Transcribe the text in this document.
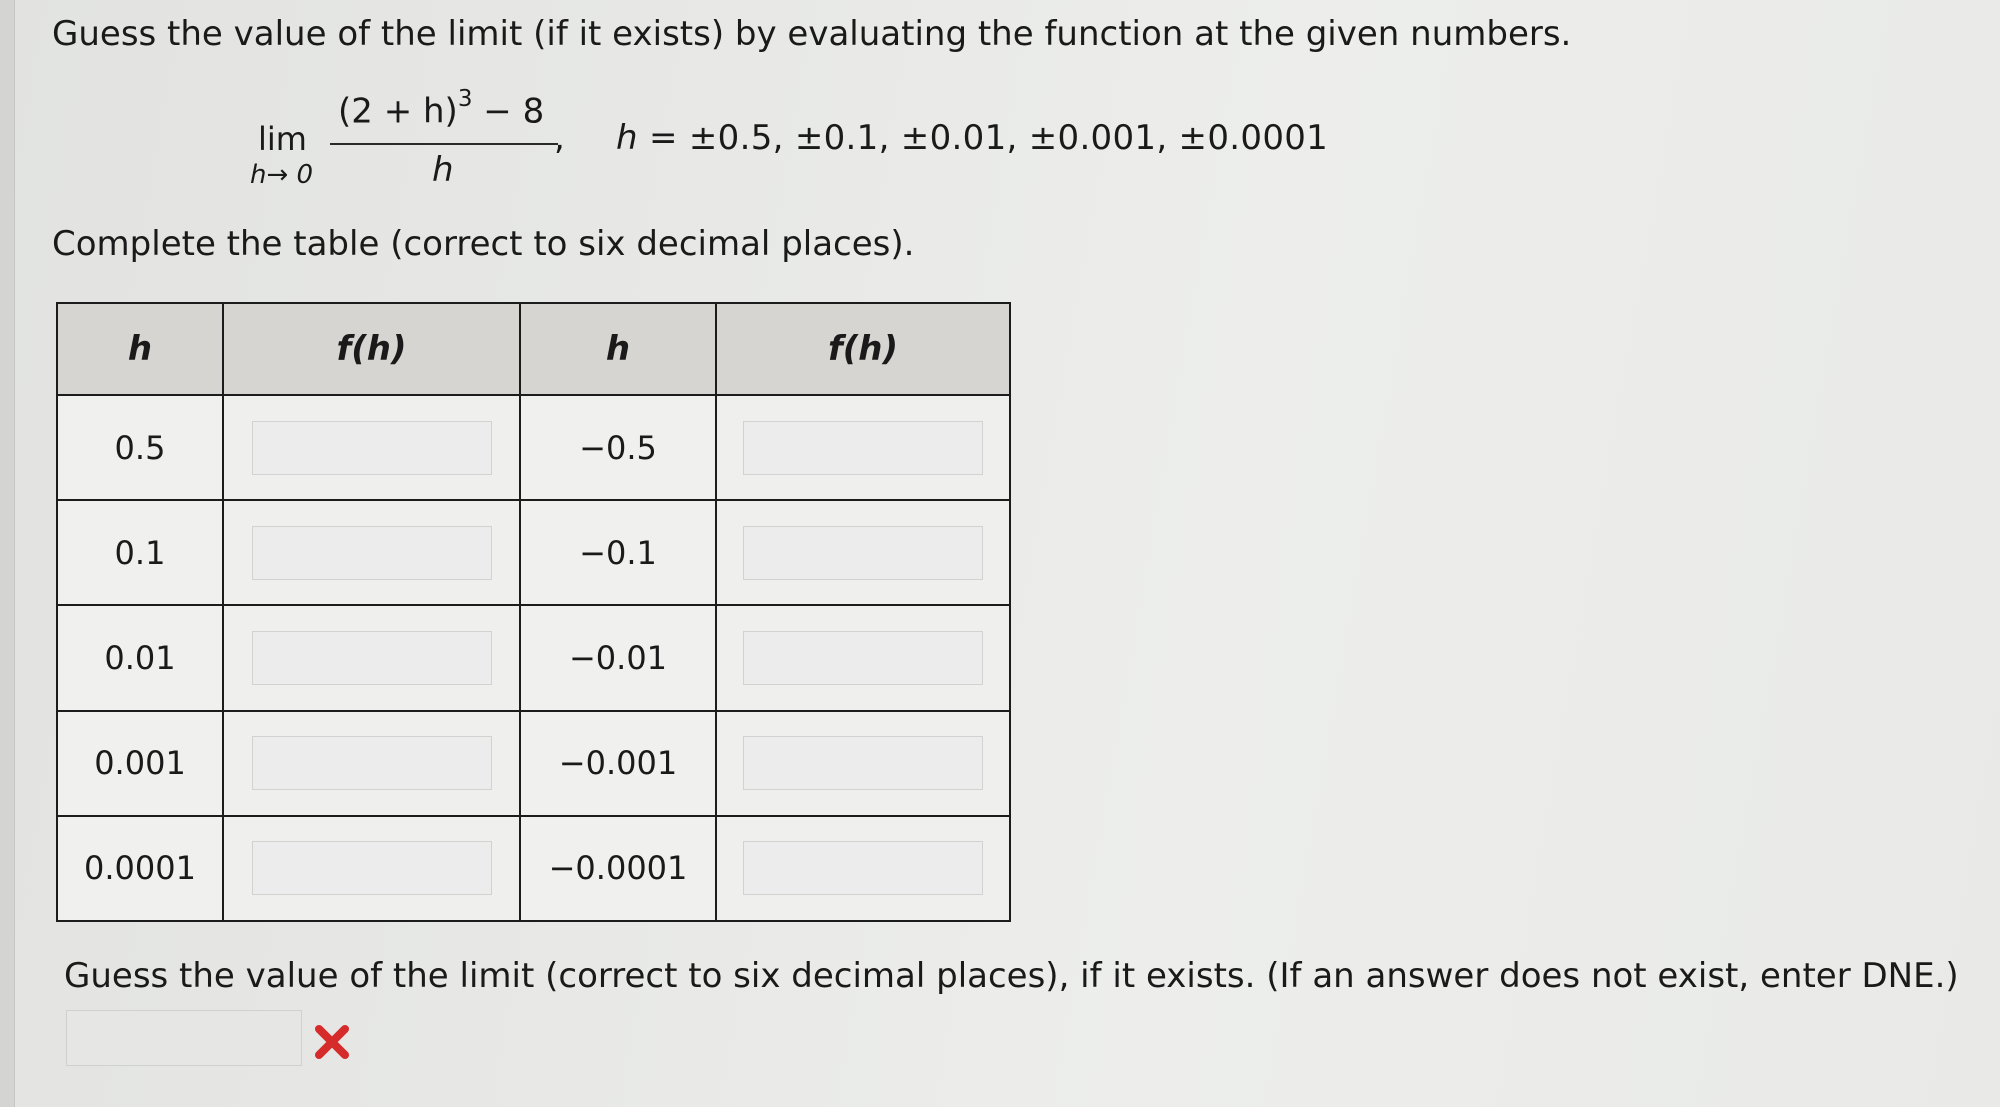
Guess the value of the limit (if it exists) by evaluating the function at the given numbers.
lim
h→ 0
$(2 + h)^3 - 8$
h
, h = ±0.5, ±0.1, ±0.01, ±0.001, ±0.0001
Complete the table (correct to six decimal places).
h	f(h)	h	f(h)
0.5		−0.5	

0.1		−0.1	

0.01		−0.01	

0.001		−0.001	

0.0001		−0.0001	
Guess the value of the limit (correct to six decimal places), if it exists. (If an answer does not exist, enter DNE.)
